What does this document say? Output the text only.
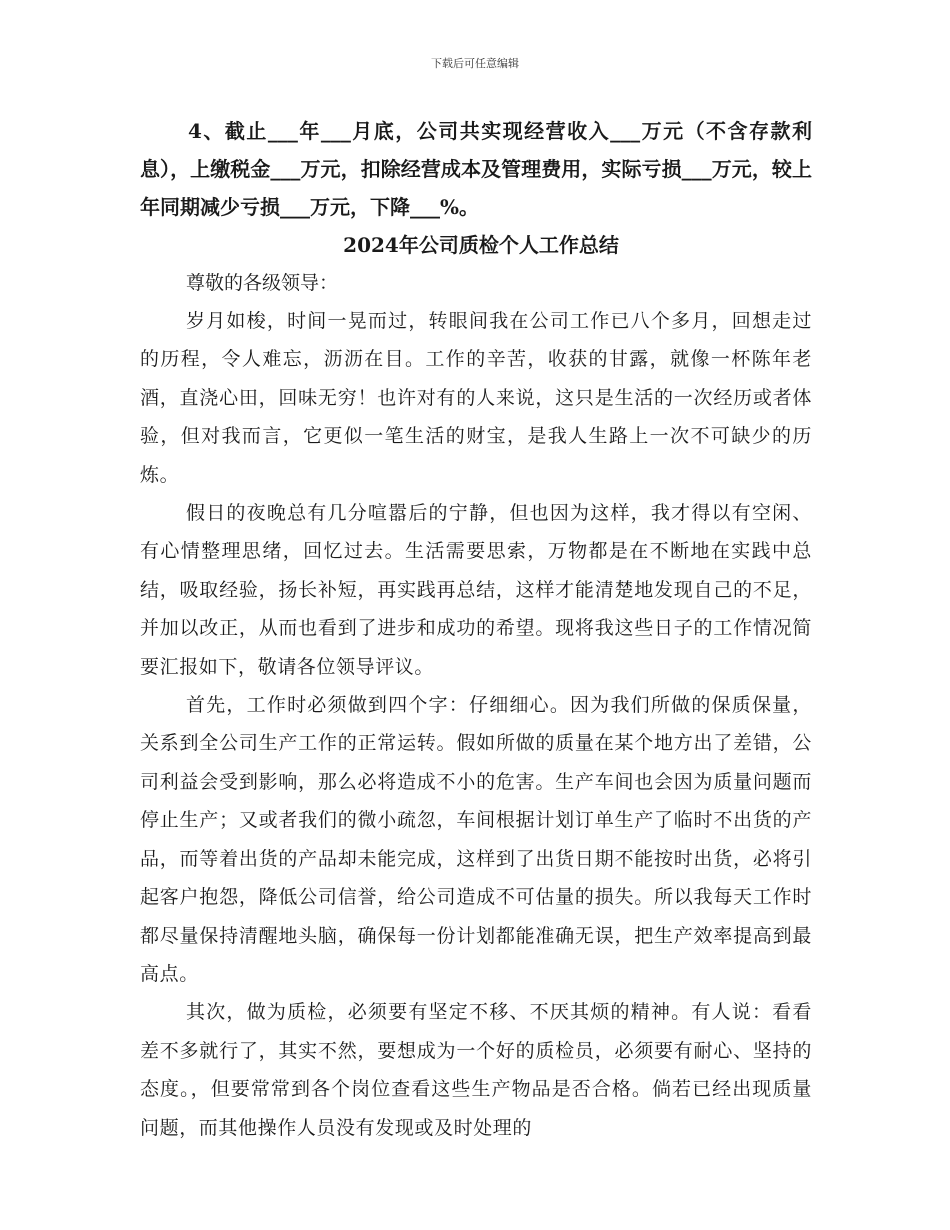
下载后可任意编辑

4、截止___年___月底，公司共实现经营收入___万元（不含存款利息），上缴税金___万元，扣除经营成本及管理费用，实际亏损___万元，较上年同期减少亏损___万元，下降___%。

2024年公司质检个人工作总结

尊敬的各级领导：

岁月如梭，时间一晃而过，转眼间我在公司工作已八个多月，回想走过的历程，令人难忘，沥沥在目。工作的辛苦，收获的甘露，就像一杯陈年老酒，直浇心田，回味无穷！也许对有的人来说，这只是生活的一次经历或者体验，但对我而言，它更似一笔生活的财宝，是我人生路上一次不可缺少的历炼。

假日的夜晚总有几分喧嚣后的宁静，但也因为这样，我才得以有空闲、有心情整理思绪，回忆过去。生活需要思索，万物都是在不断地在实践中总结，吸取经验，扬长补短，再实践再总结，这样才能清楚地发现自己的不足，并加以改正，从而也看到了进步和成功的希望。现将我这些日子的工作情况简要汇报如下，敬请各位领导评议。

首先，工作时必须做到四个字：仔细细心。因为我们所做的保质保量，关系到全公司生产工作的正常运转。假如所做的质量在某个地方出了差错，公司利益会受到影响，那么必将造成不小的危害。生产车间也会因为质量问题而停止生产；又或者我们的微小疏忽，车间根据计划订单生产了临时不出货的产品，而等着出货的产品却未能完成，这样到了出货日期不能按时出货，必将引起客户抱怨，降低公司信誉，给公司造成不可估量的损失。所以我每天工作时都尽量保持清醒地头脑，确保每一份计划都能准确无误，把生产效率提高到最高点。

其次，做为质检，必须要有坚定不移、不厌其烦的精神。有人说：看看差不多就行了，其实不然，要想成为一个好的质检员，必须要有耐心、坚持的态度。，但要常常到各个岗位查看这些生产物品是否合格。倘若已经出现质量问题，而其他操作人员没有发现或及时处理的
